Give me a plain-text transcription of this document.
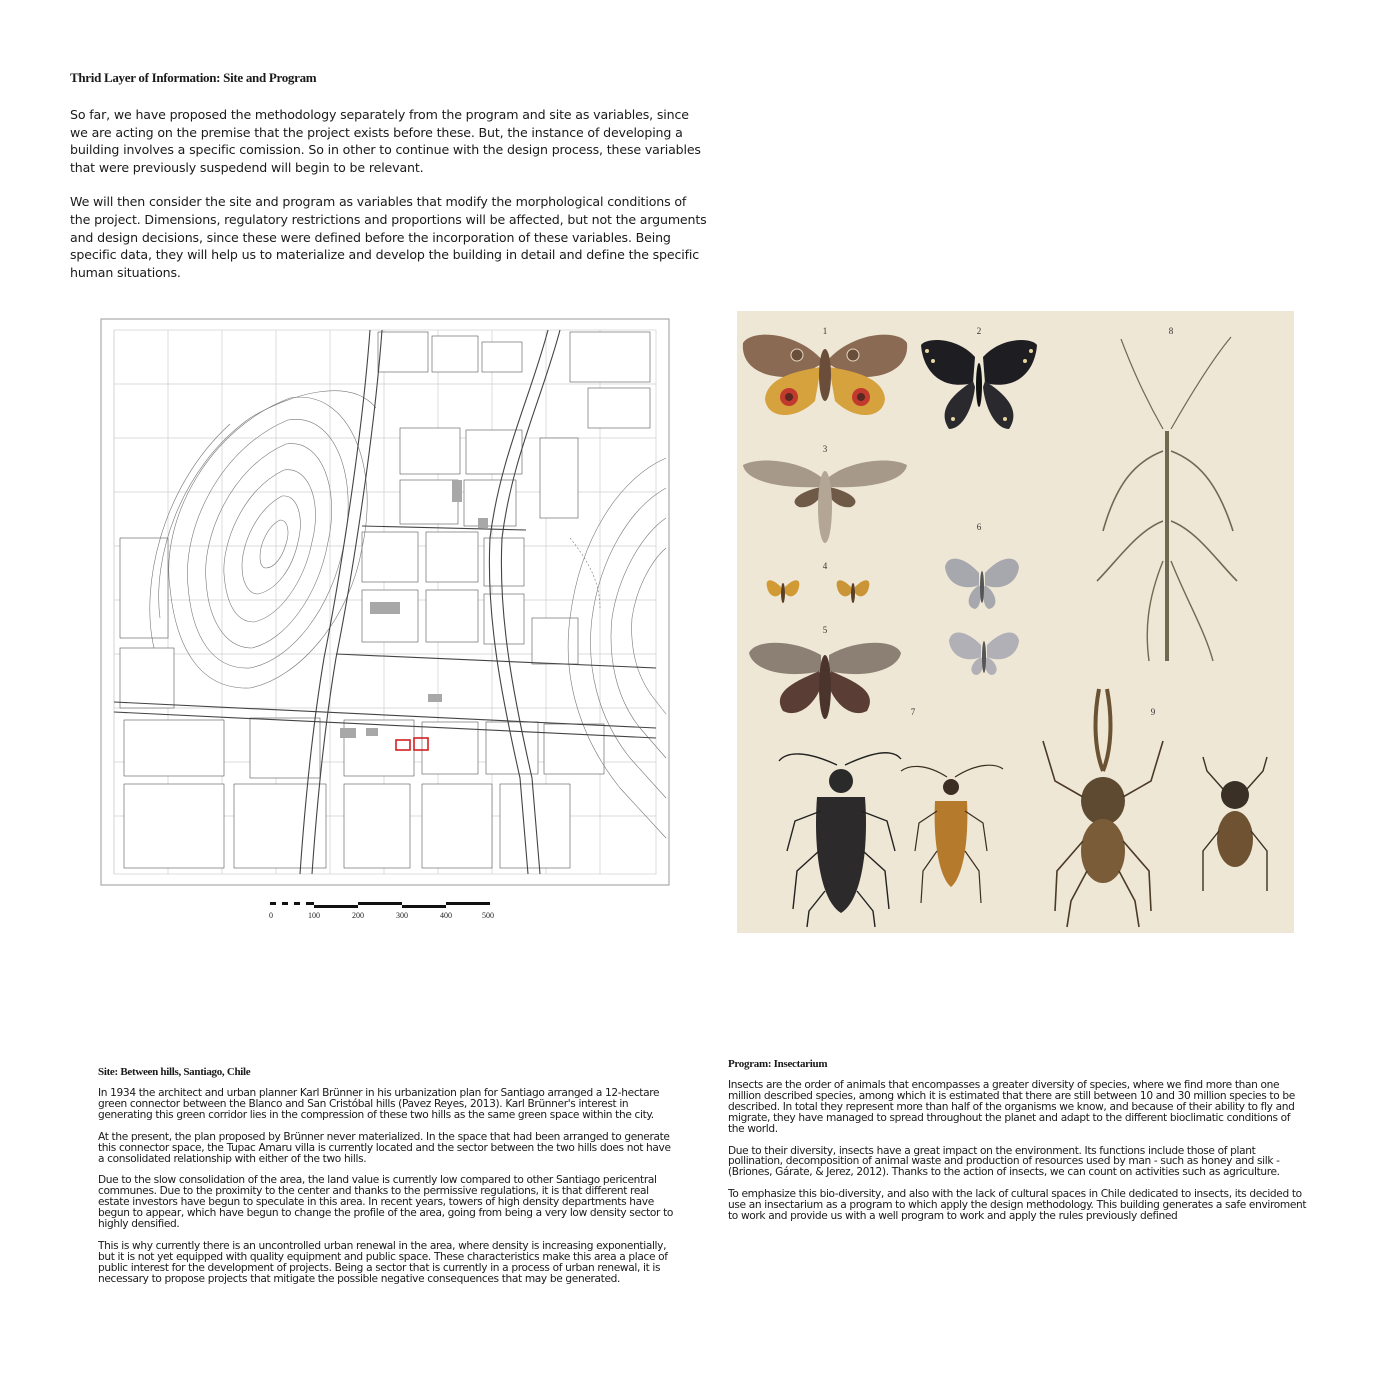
Thrid Layer of Information: Site and Program

So far, we have proposed the methodology separately from the program and site as variables, since we are acting on the premise that the project exists before these. But, the instance of developing a building involves a specific comission. So in other to continue with the design process, these variables that were previously suspedend will begin to be relevant.

We will then consider the site and program as variables that modify the morphological conditions of the project. Dimensions, regulatory restrictions and proportions will be affected, but not the arguments and design decisions, since these were defined before the incorporation of these variables. Being specific data, they will help us to materialize and develop the building in detail and define the specific human situations.

0	100	200	300	400	500
1	2
3
4
5
6
7
8
9
Site: Between hills, Santiago, Chile

In 1934 the architect and urban planner Karl Brünner in his urbanization plan for Santiago arranged a 12-hectare green connector between the Blanco and San Cristóbal hills (Pavez Reyes, 2013). Karl Brünner's interest in generating this green corridor lies in the compression of these two hills as the same green space within the city.

At the present, the plan proposed by Brünner never materialized. In the space that had been arranged to generate this connector space, the Tupac Amaru villa is currently located and the sector between the two hills does not have a consolidated relationship with either of the two hills.

Due to the slow consolidation of the area, the land value is currently low compared to other Santiago pericentral communes. Due to the proximity to the center and thanks to the permissive regulations, it is that different real estate investors have begun to speculate in this area. In recent years, towers of high density departments have begun to appear, which have begun to change the profile of the area, going from being a very low density sector to highly densified.

This is why currently there is an uncontrolled urban renewal in the area, where density is increasing exponentially, but it is not yet equipped with quality equipment and public space. These characteristics make this area a place of public interest for the development of projects. Being a sector that is currently in a process of urban renewal, it is necessary to propose projects that mitigate the possible negative consequences that may be generated.

Program: Insectarium

Insects are the order of animals that encompasses a greater diversity of species, where we find more than one million described species, among which it is estimated that there are still between 10 and 30 million species to be described. In total they represent more than half of the organisms we know, and because of their ability to fly and migrate, they have managed to spread throughout the planet and adapt to the different bioclimatic conditions of the world.

Due to their diversity, insects have a great impact on the environment. Its functions include those of plant pollination, decomposition of animal waste and production of resources used by man - such as honey and silk - (Briones, Gárate, & Jerez, 2012). Thanks to the action of insects, we can count on activities such as agriculture.

To emphasize this bio-diversity, and also with the lack of cultural spaces in Chile dedicated to insects, its decided to use an insectarium as a program to which apply the design methodology. This building generates a safe enviroment to work and provide us with a well program to work and apply the rules previously defined
